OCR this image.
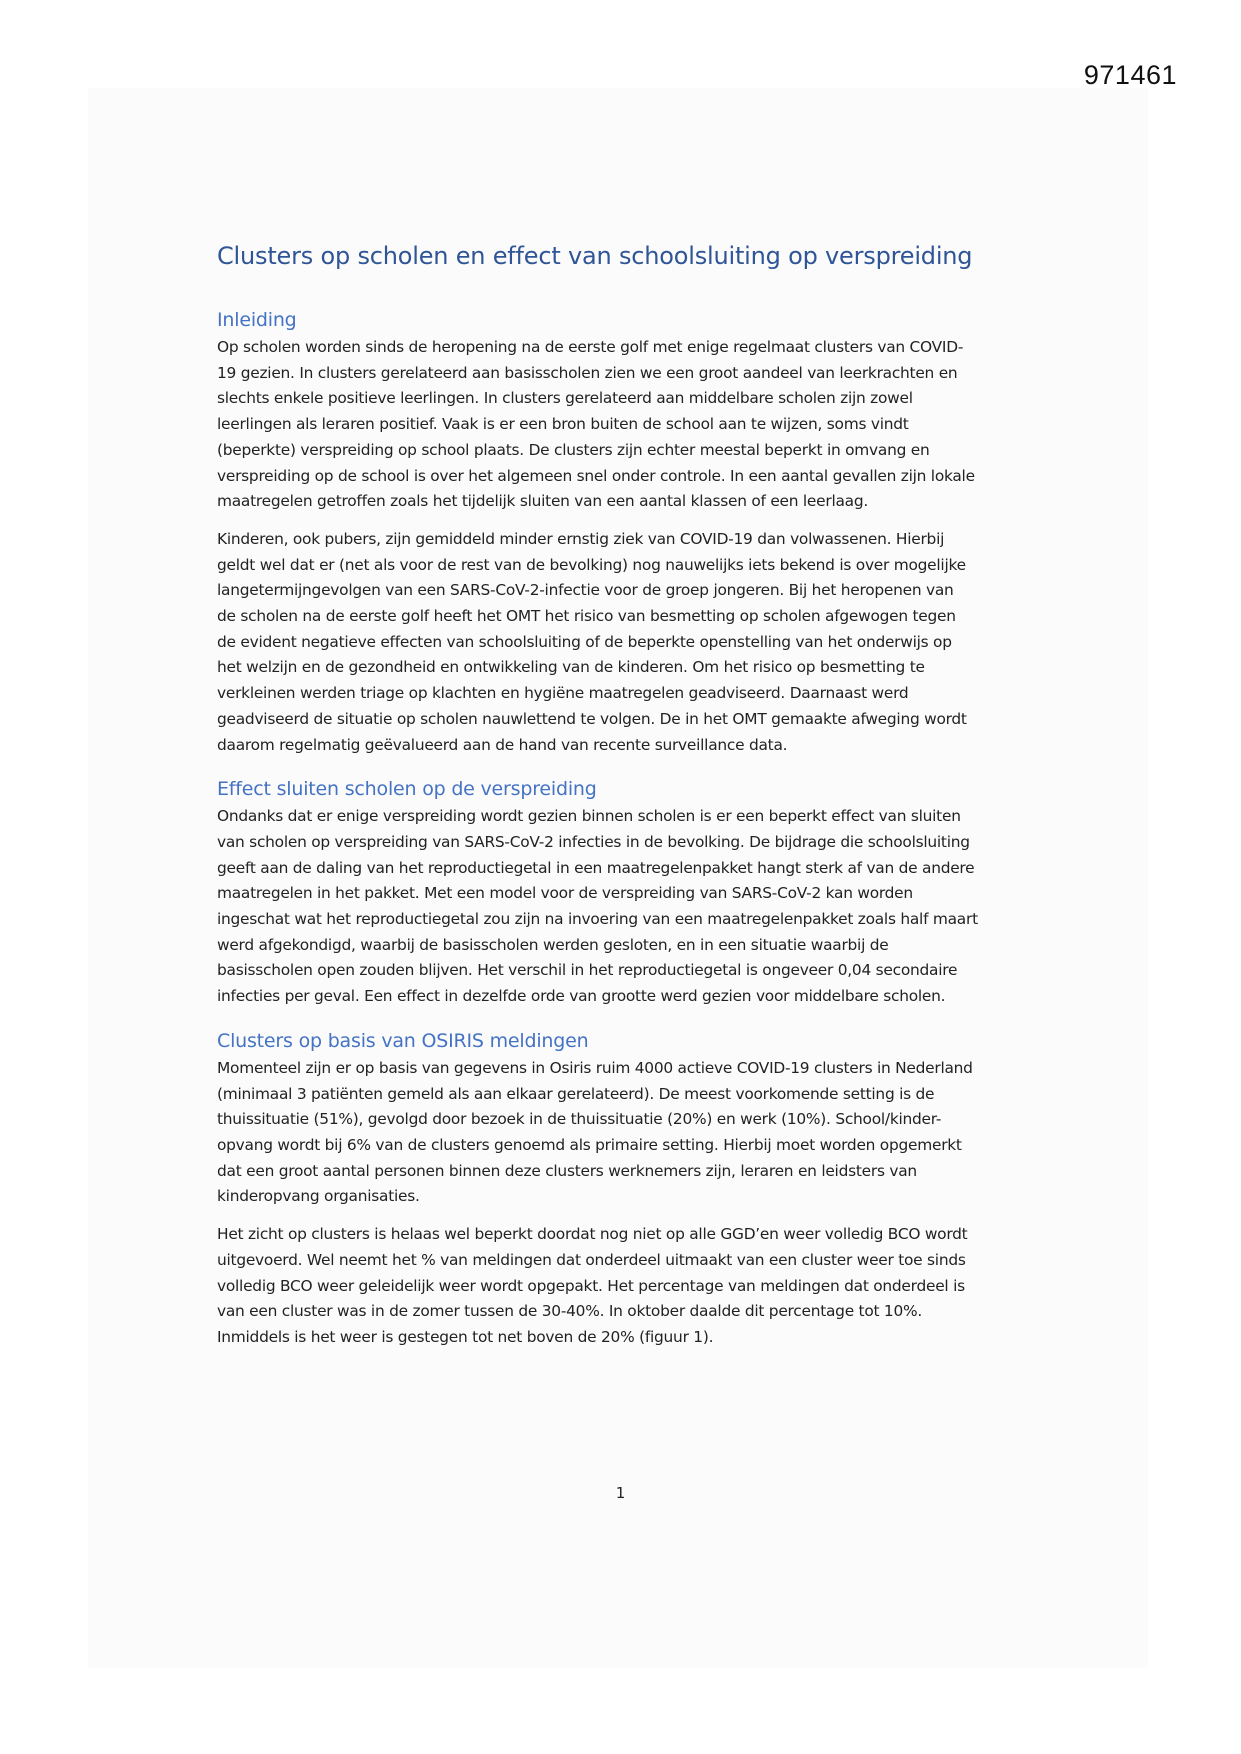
971461
Clusters op scholen en effect van schoolsluiting op verspreiding
Inleiding

Op scholen worden sinds de heropening na de eerste golf met enige regelmaat clusters van COVID-
19 gezien. In clusters gerelateerd aan basisscholen zien we een groot aandeel van leerkrachten en
slechts enkele positieve leerlingen. In clusters gerelateerd aan middelbare scholen zijn zowel
leerlingen als leraren positief. Vaak is er een bron buiten de school aan te wijzen, soms vindt
(beperkte) verspreiding op school plaats. De clusters zijn echter meestal beperkt in omvang en
verspreiding op de school is over het algemeen snel onder controle. In een aantal gevallen zijn lokale
maatregelen getroffen zoals het tijdelijk sluiten van een aantal klassen of een leerlaag.

Kinderen, ook pubers, zijn gemiddeld minder ernstig ziek van COVID-19 dan volwassenen. Hierbij
geldt wel dat er (net als voor de rest van de bevolking) nog nauwelijks iets bekend is over mogelijke
langetermijngevolgen van een SARS-CoV-2-infectie voor de groep jongeren. Bij het heropenen van
de scholen na de eerste golf heeft het OMT het risico van besmetting op scholen afgewogen tegen
de evident negatieve effecten van schoolsluiting of de beperkte openstelling van het onderwijs op
het welzijn en de gezondheid en ontwikkeling van de kinderen. Om het risico op besmetting te
verkleinen werden triage op klachten en hygiëne maatregelen geadviseerd. Daarnaast werd
geadviseerd de situatie op scholen nauwlettend te volgen. De in het OMT gemaakte afweging wordt
daarom regelmatig geëvalueerd aan de hand van recente surveillance data.

Effect sluiten scholen op de verspreiding

Ondanks dat er enige verspreiding wordt gezien binnen scholen is er een beperkt effect van sluiten
van scholen op verspreiding van SARS-CoV-2 infecties in de bevolking. De bijdrage die schoolsluiting
geeft aan de daling van het reproductiegetal in een maatregelenpakket hangt sterk af van de andere
maatregelen in het pakket. Met een model voor de verspreiding van SARS-CoV-2 kan worden
ingeschat wat het reproductiegetal zou zijn na invoering van een maatregelenpakket zoals half maart
werd afgekondigd, waarbij de basisscholen werden gesloten, en in een situatie waarbij de
basisscholen open zouden blijven. Het verschil in het reproductiegetal is ongeveer 0,04 secondaire
infecties per geval. Een effect in dezelfde orde van grootte werd gezien voor middelbare scholen.

Clusters op basis van OSIRIS meldingen

Momenteel zijn er op basis van gegevens in Osiris ruim 4000 actieve COVID-19 clusters in Nederland
(minimaal 3 patiënten gemeld als aan elkaar gerelateerd). De meest voorkomende setting is de
thuissituatie (51%), gevolgd door bezoek in de thuissituatie (20%) en werk (10%). School/kinder-
opvang wordt bij 6% van de clusters genoemd als primaire setting. Hierbij moet worden opgemerkt
dat een groot aantal personen binnen deze clusters werknemers zijn, leraren en leidsters van
kinderopvang organisaties.

Het zicht op clusters is helaas wel beperkt doordat nog niet op alle GGD’en weer volledig BCO wordt
uitgevoerd. Wel neemt het % van meldingen dat onderdeel uitmaakt van een cluster weer toe sinds
volledig BCO weer geleidelijk weer wordt opgepakt. Het percentage van meldingen dat onderdeel is
van een cluster was in de zomer tussen de 30-40%. In oktober daalde dit percentage tot 10%.
Inmiddels is het weer is gestegen tot net boven de 20% (figuur 1).

1
